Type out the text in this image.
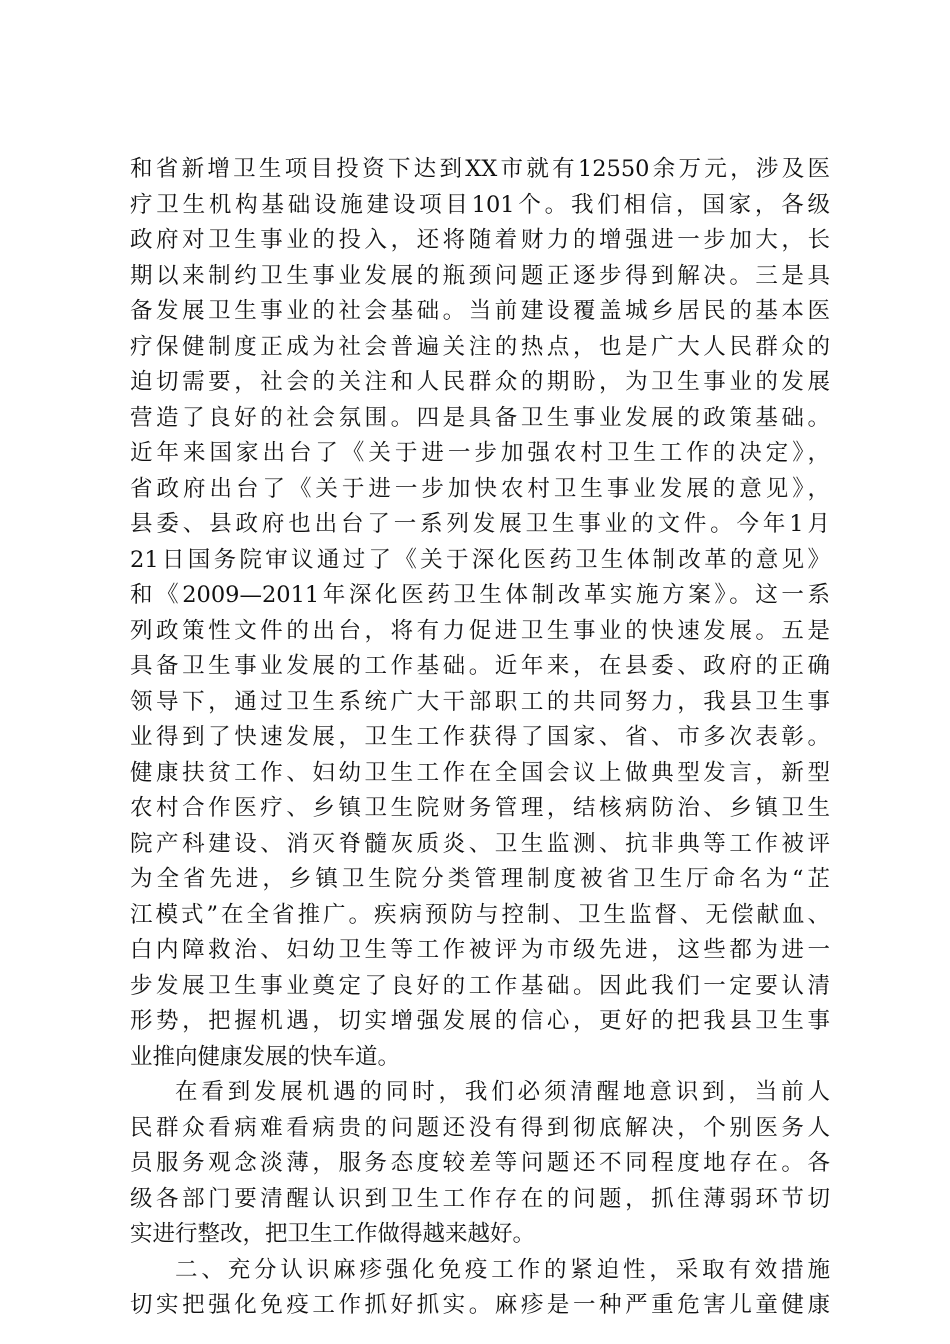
和省新增卫生项目投资下达到XX市就有12550余万元，涉及医
疗卫生机构基础设施建设项目101个。我们相信，国家，各级
政府对卫生事业的投入，还将随着财力的增强进一步加大，长
期以来制约卫生事业发展的瓶颈问题正逐步得到解决。三是具
备发展卫生事业的社会基础。当前建设覆盖城乡居民的基本医
疗保健制度正成为社会普遍关注的热点，也是广大人民群众的
迫切需要，社会的关注和人民群众的期盼，为卫生事业的发展
营造了良好的社会氛围。四是具备卫生事业发展的政策基础。
近年来国家出台了《关于进一步加强农村卫生工作的决定》，
省政府出台了《关于进一步加快农村卫生事业发展的意见》，
县委、县政府也出台了一系列发展卫生事业的文件。今年1月
21日国务院审议通过了《关于深化医药卫生体制改革的意见》
和《2009—2011年深化医药卫生体制改革实施方案》。这一系
列政策性文件的出台，将有力促进卫生事业的快速发展。五是
具备卫生事业发展的工作基础。近年来，在县委、政府的正确
领导下，通过卫生系统广大干部职工的共同努力，我县卫生事
业得到了快速发展，卫生工作获得了国家、省、市多次表彰。
健康扶贫工作、妇幼卫生工作在全国会议上做典型发言，新型
农村合作医疗、乡镇卫生院财务管理，结核病防治、乡镇卫生
院产科建设、消灭脊髓灰质炎、卫生监测、抗非典等工作被评
为全省先进，乡镇卫生院分类管理制度被省卫生厅命名为“芷
江模式”在全省推广。疾病预防与控制、卫生监督、无偿献血、
白内障救治、妇幼卫生等工作被评为市级先进，这些都为进一
步发展卫生事业奠定了良好的工作基础。因此我们一定要认清
形势，把握机遇，切实增强发展的信心，更好的把我县卫生事
业推向健康发展的快车道。
在看到发展机遇的同时，我们必须清醒地意识到，当前人
民群众看病难看病贵的问题还没有得到彻底解决，个别医务人
员服务观念淡薄，服务态度较差等问题还不同程度地存在。各
级各部门要清醒认识到卫生工作存在的问题，抓住薄弱环节切
实进行整改，把卫生工作做得越来越好。
二、充分认识麻疹强化免疫工作的紧迫性，采取有效措施
切实把强化免疫工作抓好抓实。麻疹是一种严重危害儿童健康
